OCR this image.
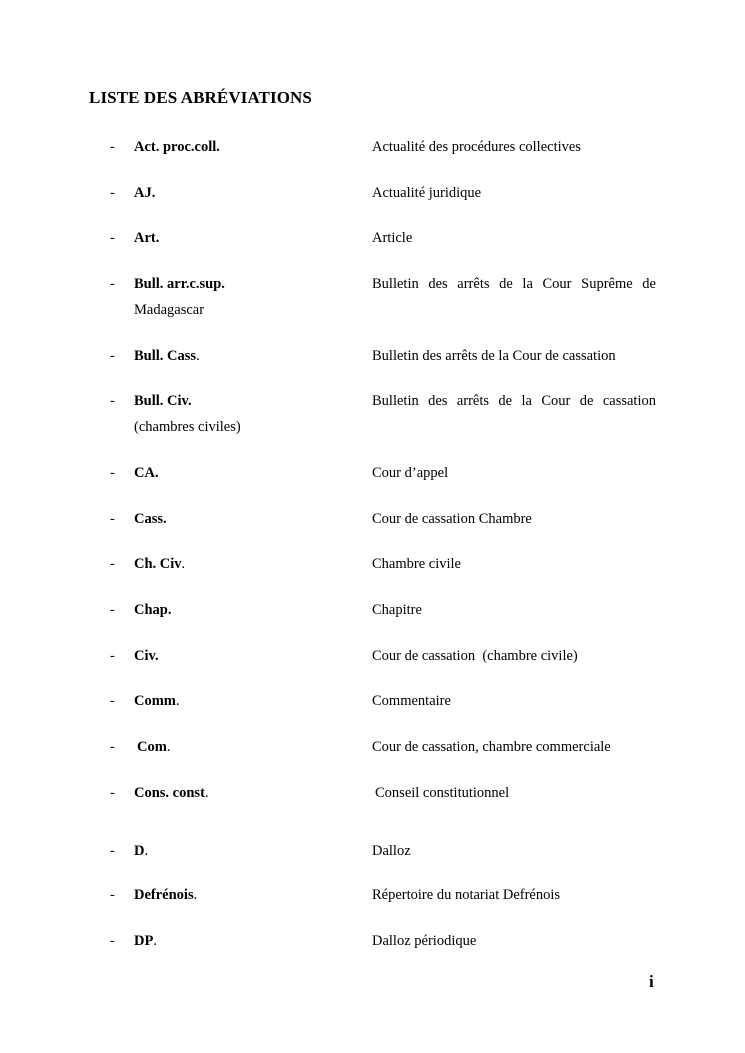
LISTE DES ABRÉVIATIONS
- Act. proc.coll.	Actualité des procédures collectives
- AJ.	Actualité juridique
- Art.	Article
- Bull. arr.c.sup.	Bulletin des arrêts de la Cour Suprême de
Madagascar
- Bull. Cass.	Bulletin des arrêts de la Cour de cassation
- Bull. Civ.	Bulletin des arrêts de la Cour de cassation
(chambres civiles)
- CA.	Cour d’appel
- Cass.	Cour de cassation Chambre
- Ch. Civ.	Chambre civile
- Chap.	Chapitre
- Civ.	Cour de cassation  (chambre civile)
- Comm.	Commentaire
- Com.	Cour de cassation, chambre commerciale
- Cons. const.	Conseil constitutionnel
- D.	Dalloz
- Defrénois.	Répertoire du notariat Defrénois
- DP.	Dalloz périodique
i
